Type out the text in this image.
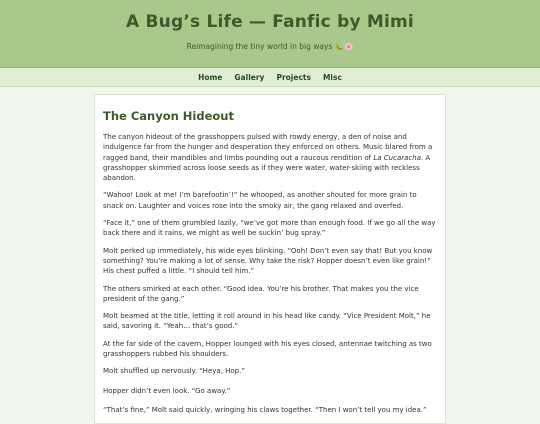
A Bug’s Life — Fanfic by Mimi
Reimagining the tiny world in big ways 🐛🌸
Home	Gallery	Projects	Misc
The Canyon Hideout

The canyon hideout of the grasshoppers pulsed with rowdy energy, a den of noise and indulgence far from the hunger and desperation they enforced on others. Music blared from a ragged band, their mandibles and limbs pounding out a raucous rendition of La Cucaracha. A grasshopper skimmed across loose seeds as if they were water, water-skiing with reckless abandon.

“Wahoo! Look at me! I’m barefootin’!” he whooped, as another shouted for more grain to snack on. Laughter and voices rose into the smoky air, the gang relaxed and overfed.

“Face it,” one of them grumbled lazily, “we’ve got more than enough food. If we go all the way back there and it rains, we might as well be suckin’ bug spray.”

Molt perked up immediately, his wide eyes blinking. “Ooh! Don’t even say that! But you know something? You’re making a lot of sense. Why take the risk? Hopper doesn’t even like grain!” His chest puffed a little. “I should tell him.”

The others smirked at each other. “Good idea. You’re his brother. That makes you the vice president of the gang.”

Molt beamed at the title, letting it roll around in his head like candy. “Vice President Molt,” he said, savoring it. “Yeah… that’s good.”

At the far side of the cavern, Hopper lounged with his eyes closed, antennae twitching as two grasshoppers rubbed his shoulders.

Molt shuffled up nervously. “Heya, Hop.”

Hopper didn’t even look. “Go away.”

“That’s fine,” Molt said quickly, wringing his claws together. “Then I won’t tell you my idea.”
